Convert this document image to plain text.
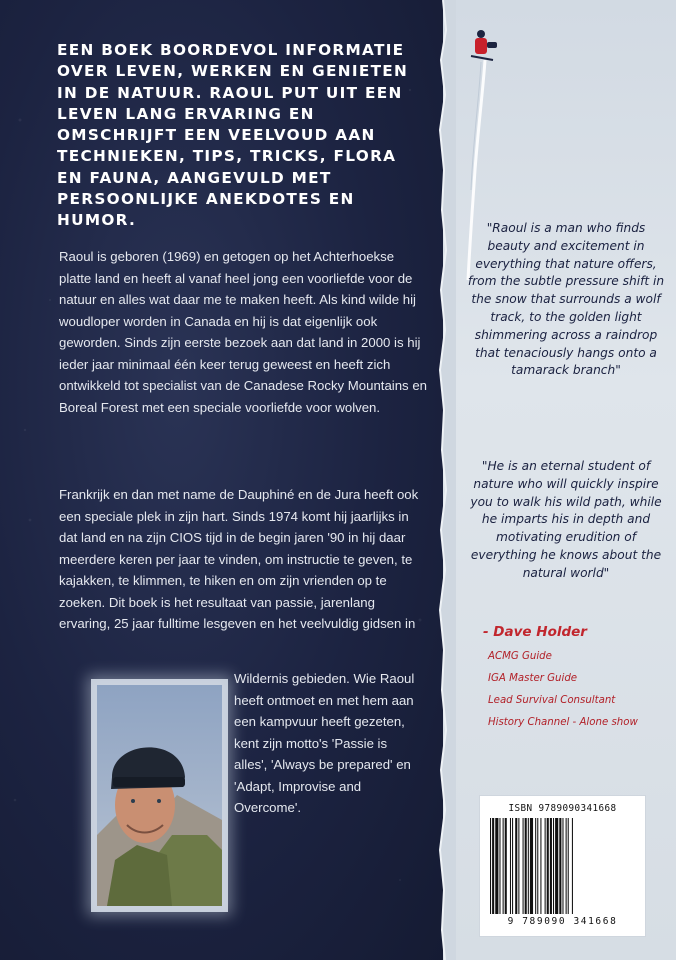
EEN BOEK BOORDEVOL INFORMATIE OVER LEVEN, WERKEN EN GENIETEN IN DE NATUUR. RAOUL PUT UIT EEN LEVEN LANG ERVARING EN OMSCHRIJFT EEN VEELVOUD AAN TECHNIEKEN, TIPS, TRICKS, FLORA EN FAUNA, AANGEVULD MET PERSOONLIJKE ANEKDOTES EN HUMOR.

Raoul is geboren (1969) en getogen op het Achterhoekse platte land en heeft al vanaf heel jong een voorliefde voor de natuur en alles wat daar me te maken heeft. Als kind wilde hij woudloper worden in Canada en hij is dat eigenlijk ook geworden. Sinds zijn eerste bezoek aan dat land in 2000 is hij ieder jaar minimaal één keer terug geweest en heeft zich ontwikkeld tot specialist van de Canadese Rocky Mountains en Boreal Forest met een speciale voorliefde voor wolven.

Frankrijk en dan met name de Dauphiné en de Jura heeft ook een speciale plek in zijn hart. Sinds 1974 komt hij jaarlijks in dat land en na zijn CIOS tijd in de begin jaren '90 in hij daar meerdere keren per jaar te vinden, om instructie te geven, te kajakken, te klimmen, te hiken en om zijn vrienden op te zoeken. Dit boek is het resultaat van passie, jarenlang ervaring, 25 jaar fulltime lesgeven en het veelvuldig gidsen in

Wildernis gebieden. Wie Raoul heeft ontmoet en met hem aan een kampvuur heeft gezeten, kent zijn motto's 'Passie is alles', 'Always be prepared' en 'Adapt, Improvise and Overcome'.

"Raoul is a man who finds beauty and excitement in everything that nature offers, from the subtle pressure shift in the snow that surrounds a wolf track, to the golden light shimmering across a raindrop that tenaciously hangs onto a tamarack branch"

"He is an eternal student of nature who will quickly inspire you to walk his wild path, while he imparts his in depth and motivating erudition of everything he knows about the natural world"

- Dave Holder

ACMG Guide
IGA Master Guide
Lead Survival Consultant
History Channel - Alone show
ISBN 9789090341668
9 789090 341668
